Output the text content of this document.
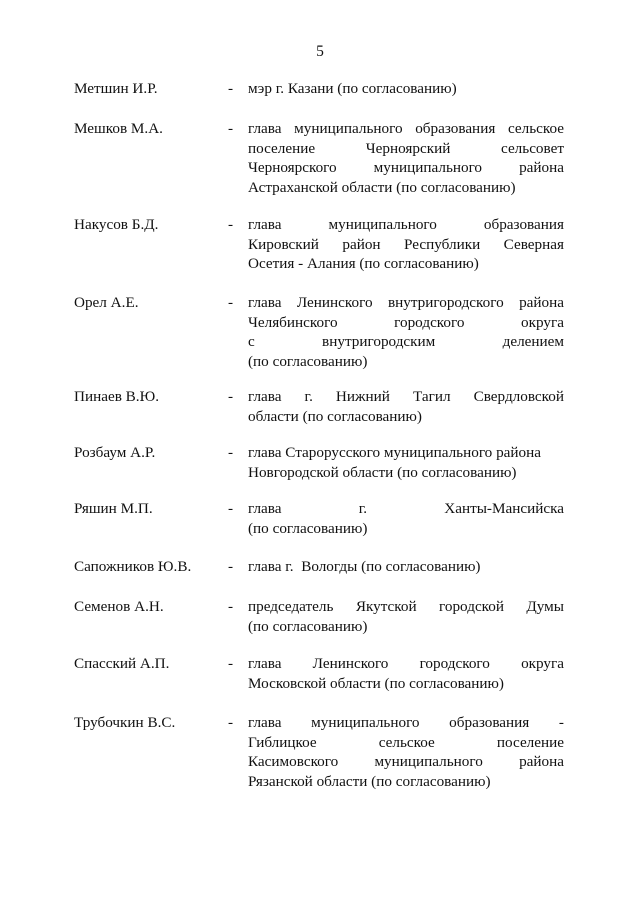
5
Метшин И.Р.	- мэр г. Казани (по согласованию)
Мешков М.А.	- глава муниципального образования сельское
поселение Черноярский сельсовет
Черноярского муниципального района
Астраханской области (по согласованию)
Накусов Б.Д.	- глава муниципального образования
Кировский район Республики Северная
Осетия - Алания (по согласованию)
Орел А.Е.	- глава Ленинского внутригородского района
Челябинского городского округа
с внутригородским делением
(по согласованию)
Пинаев В.Ю.	- глава г. Нижний Тагил Свердловской
области (по согласованию)
Розбаум А.Р.	- глава Старорусского муниципального района
Новгородской области (по согласованию)
Ряшин М.П.	- глава г. Ханты-Мансийска
(по согласованию)
Сапожников Ю.В.	- глава г.  Вологды (по согласованию)
Семенов А.Н.	- председатель Якутской городской Думы
(по согласованию)
Спасский А.П.	- глава Ленинского городского округа
Московской области (по согласованию)
Трубочкин В.С.	- глава муниципального образования -
Гиблицкое сельское поселение
Касимовского муниципального района
Рязанской области (по согласованию)
